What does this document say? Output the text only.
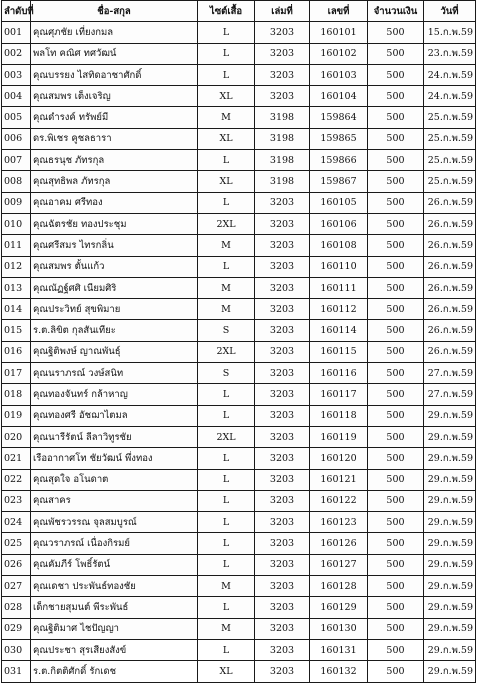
ลำดับที่	ชื่อ-สกุล	ไซต์เสื้อ	เล่มที่	เลขที่	จำนวนเงิน	วันที่
001	คุณศุภชัย เที่ยงกมล	L	3203	160101	500	15.ก.พ.59
002	พลโท คณิศ ทศวัฒน์	L	3203	160102	500	23.ก.พ.59
003	คุณบรรยง ไสทิดอาชาศักดิ์	L	3203	160103	500	24.ก.พ.59
004	คุณสมพร เต็งเจริญ	XL	3203	160104	500	24.ก.พ.59
005	คุณดำรงค์ ทรัพย์มี	M	3198	159864	500	25.ก.พ.59
006	ดร.พิเชร คูชลธารา	XL	3198	159865	500	25.ก.พ.59
007	คุณธรนุช ภัทรกุล	L	3198	159866	500	25.ก.พ.59
008	คุณสุทธิพล ภัทรกุล	XL	3198	159867	500	25.ก.พ.59
009	คุณอาคม ศรีทอง	L	3203	160105	500	26.ก.พ.59
010	คุณฉัตรชัย ทองประชุม	2XL	3203	160106	500	26.ก.พ.59
011	คุณศรีสมร ไทรกลิ่น	M	3203	160108	500	26.ก.พ.59
012	คุณสมพร ตั้นแก้ว	L	3203	160110	500	26.ก.พ.59
013	คุณณัฏฐ์ศศิ เนียมศิริ	M	3203	160111	500	26.ก.พ.59
014	คุณประวิทย์ สุขพิมาย	M	3203	160112	500	26.ก.พ.59
015	ร.ต.ลิขิต กุลสันเทียะ	S	3203	160114	500	26.ก.พ.59
016	คุณฐิติพงษ์ ญาณพันธุ์	2XL	3203	160115	500	26.ก.พ.59
017	คุณนราภรณ์ วงษ์สนิท	S	3203	160116	500	27.ก.พ.59
018	คุณทองจันทร์ กล้าหาญ	L	3203	160117	500	27.ก.พ.59
019	คุณทองศรี อัชฌาไตมล	L	3203	160118	500	29.ก.พ.59
020	คุณนารีรัตน์ ลีลาวิทูรชัย	2XL	3203	160119	500	29.ก.พ.59
021	เรืออากาศโท ชัยวัฒน์ พึ่งทอง	L	3203	160120	500	29.ก.พ.59
022	คุณสุดใจ อโนดาต	L	3203	160121	500	29.ก.พ.59
023	คุณสาคร	L	3203	160122	500	29.ก.พ.59
024	คุณพัชรวรรณ จุลสมบูรณ์	L	3203	160123	500	29.ก.พ.59
025	คุณวราภรณ์ เนื่องกิรมย์	L	3203	160126	500	29.ก.พ.59
026	คุณคัมภีร์ โพธิ์รัตน์	L	3203	160127	500	29.ก.พ.59
027	คุณเดชา ประพันธ์ทองชัย	M	3203	160128	500	29.ก.พ.59
028	เด็กชายสุมนต์ พีระพันธ์	L	3203	160129	500	29.ก.พ.59
029	คุณฐิติมาศ ไชปัญญา	M	3203	160130	500	29.ก.พ.59
030	คุณประชา สุรเสียงสังข์	L	3203	160131	500	29.ก.พ.59
031	ร.ต.กิตติศักดิ์ รักเดช	XL	3203	160132	500	29.ก.พ.59
